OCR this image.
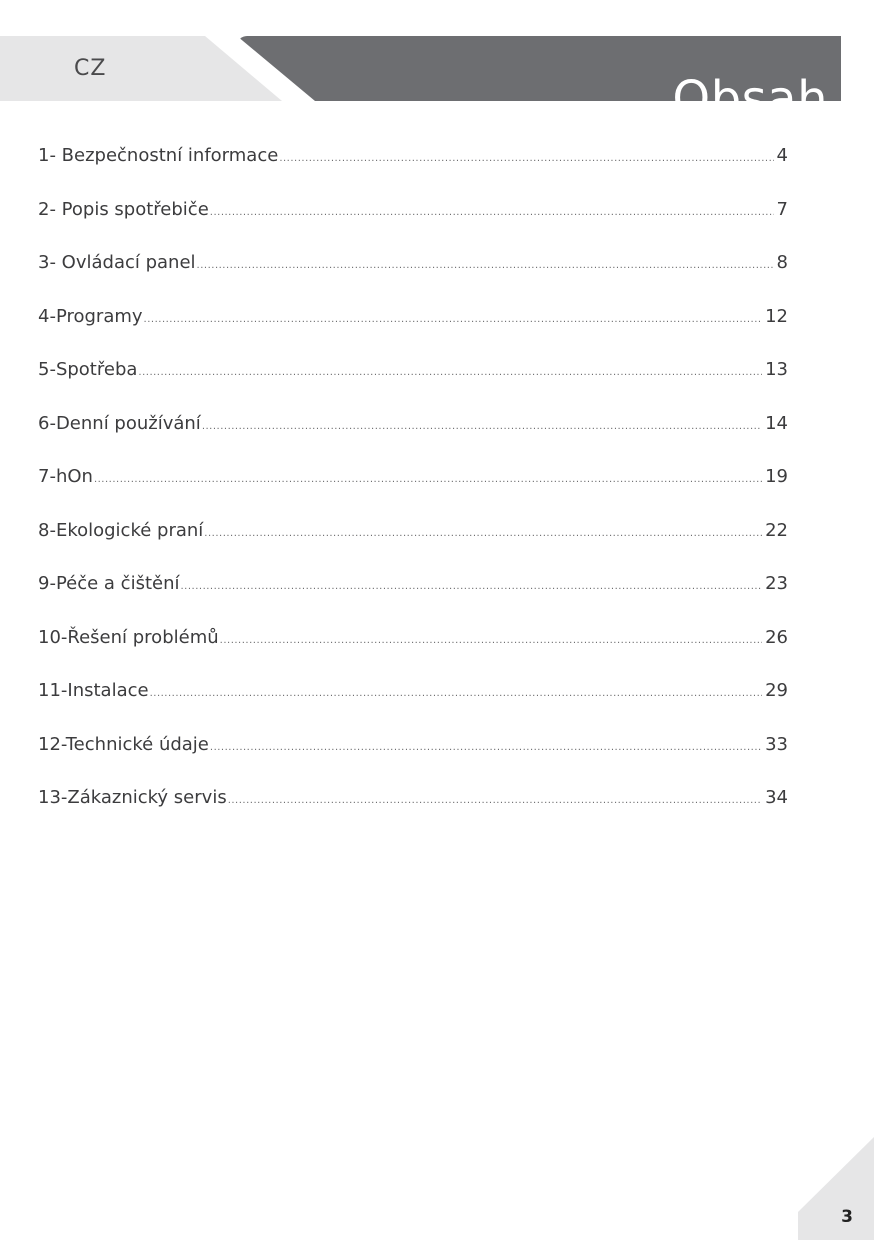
CZ
Obsah
1- Bezpečnostní informace .....	4
2- Popis spotřebiče .....	7
3- Ovládací panel .....	8
4-Programy .....	12
5-Spotřeba .....	13
6-Denní používání .....	14
7-hOn .....	19
8-Ekologické praní .....	22
9-Péče a čištění .....	23
10-Řešení problémů .....	26
11-Instalace .....	29
12-Technické údaje .....	33
13-Zákaznický servis .....	34
3
